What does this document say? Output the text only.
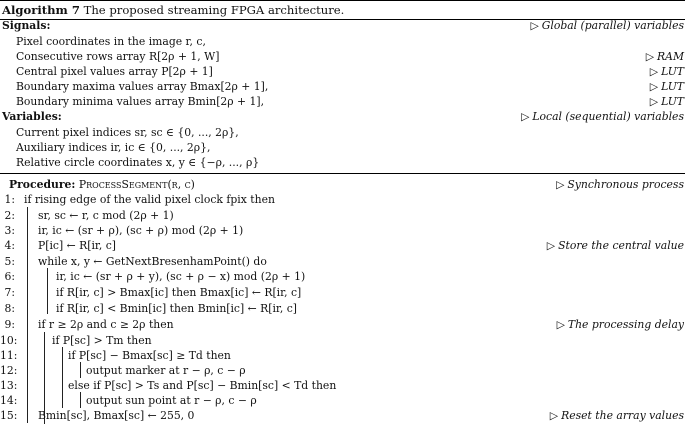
Algorithm 7 The proposed streaming FPGA architecture.
Signals:	▷ Global (parallel) variables
Pixel coordinates in the image r, c,
Consecutive rows array R[2ρ + 1, W]	▷ RAM
Central pixel values array P[2ρ + 1]	▷ LUT
Boundary maxima values array Bmax[2ρ + 1],	▷ LUT
Boundary minima values array Bmin[2ρ + 1],	▷ LUT
Variables:	▷ Local (sequential) variables
Current pixel indices sr, sc ∈ {0, ..., 2ρ},
Auxiliary indices ir, ic ∈ {0, ..., 2ρ},
Relative circle coordinates x, y ∈ {−ρ, ..., ρ}
Procedure: ProcessSegment(r, c)	▷ Synchronous process
1: if rising edge of the valid pixel clock fpix then
2: sr, sc ← r, c mod (2ρ + 1)
3: ir, ic ← (sr + ρ), (sc + ρ) mod (2ρ + 1)
4: P[ic] ← R[ir, c]	▷ Store the central value
5: while x, y ← GetNextBresenhamPoint() do
6:	ir, ic ← (sr + ρ + y), (sc + ρ − x) mod (2ρ + 1)
7:	if R[ir, c] > Bmax[ic] then Bmax[ic] ← R[ir, c]
8:	if R[ir, c] < Bmin[ic] then Bmin[ic] ← R[ir, c]
9: if r ≥ 2ρ and c ≥ 2ρ then	▷ The processing delay
10:	if P[sc] > Tm then
11:	if P[sc] − Bmax[sc] ≥ Td then
12:	output marker at r − ρ, c − ρ
13:	else if P[sc] > Ts and P[sc] − Bmin[sc] < Td then
14:	output sun point at r − ρ, c − ρ
15: Bmin[sc], Bmax[sc] ← 255, 0	▷ Reset the array values
